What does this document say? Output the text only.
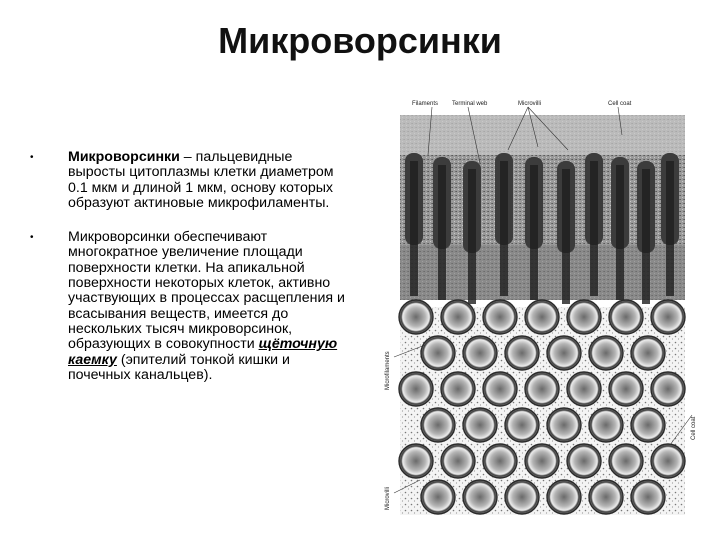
Микроворсинки
•	Микроворсинки – пальцевидные выросты цитоплазмы клетки диаметром 0.1 мкм и длиной 1 мкм, основу которых образуют актиновые микрофиламенты.
•	Микроворсинки обеспечивают многократное увеличение площади поверхности клетки. На апикальной поверхности некоторых клеток, активно участвующих в процессах расщепления и всасывания веществ, имеется до нескольких тысяч микроворсинок, образующих в совокупности щёточную каемку (эпителий тонкой кишки и почечных канальцев).
Filaments Terminal web	Microvilli	Cell coat
Microfilaments
Microvilli
Cell coat
